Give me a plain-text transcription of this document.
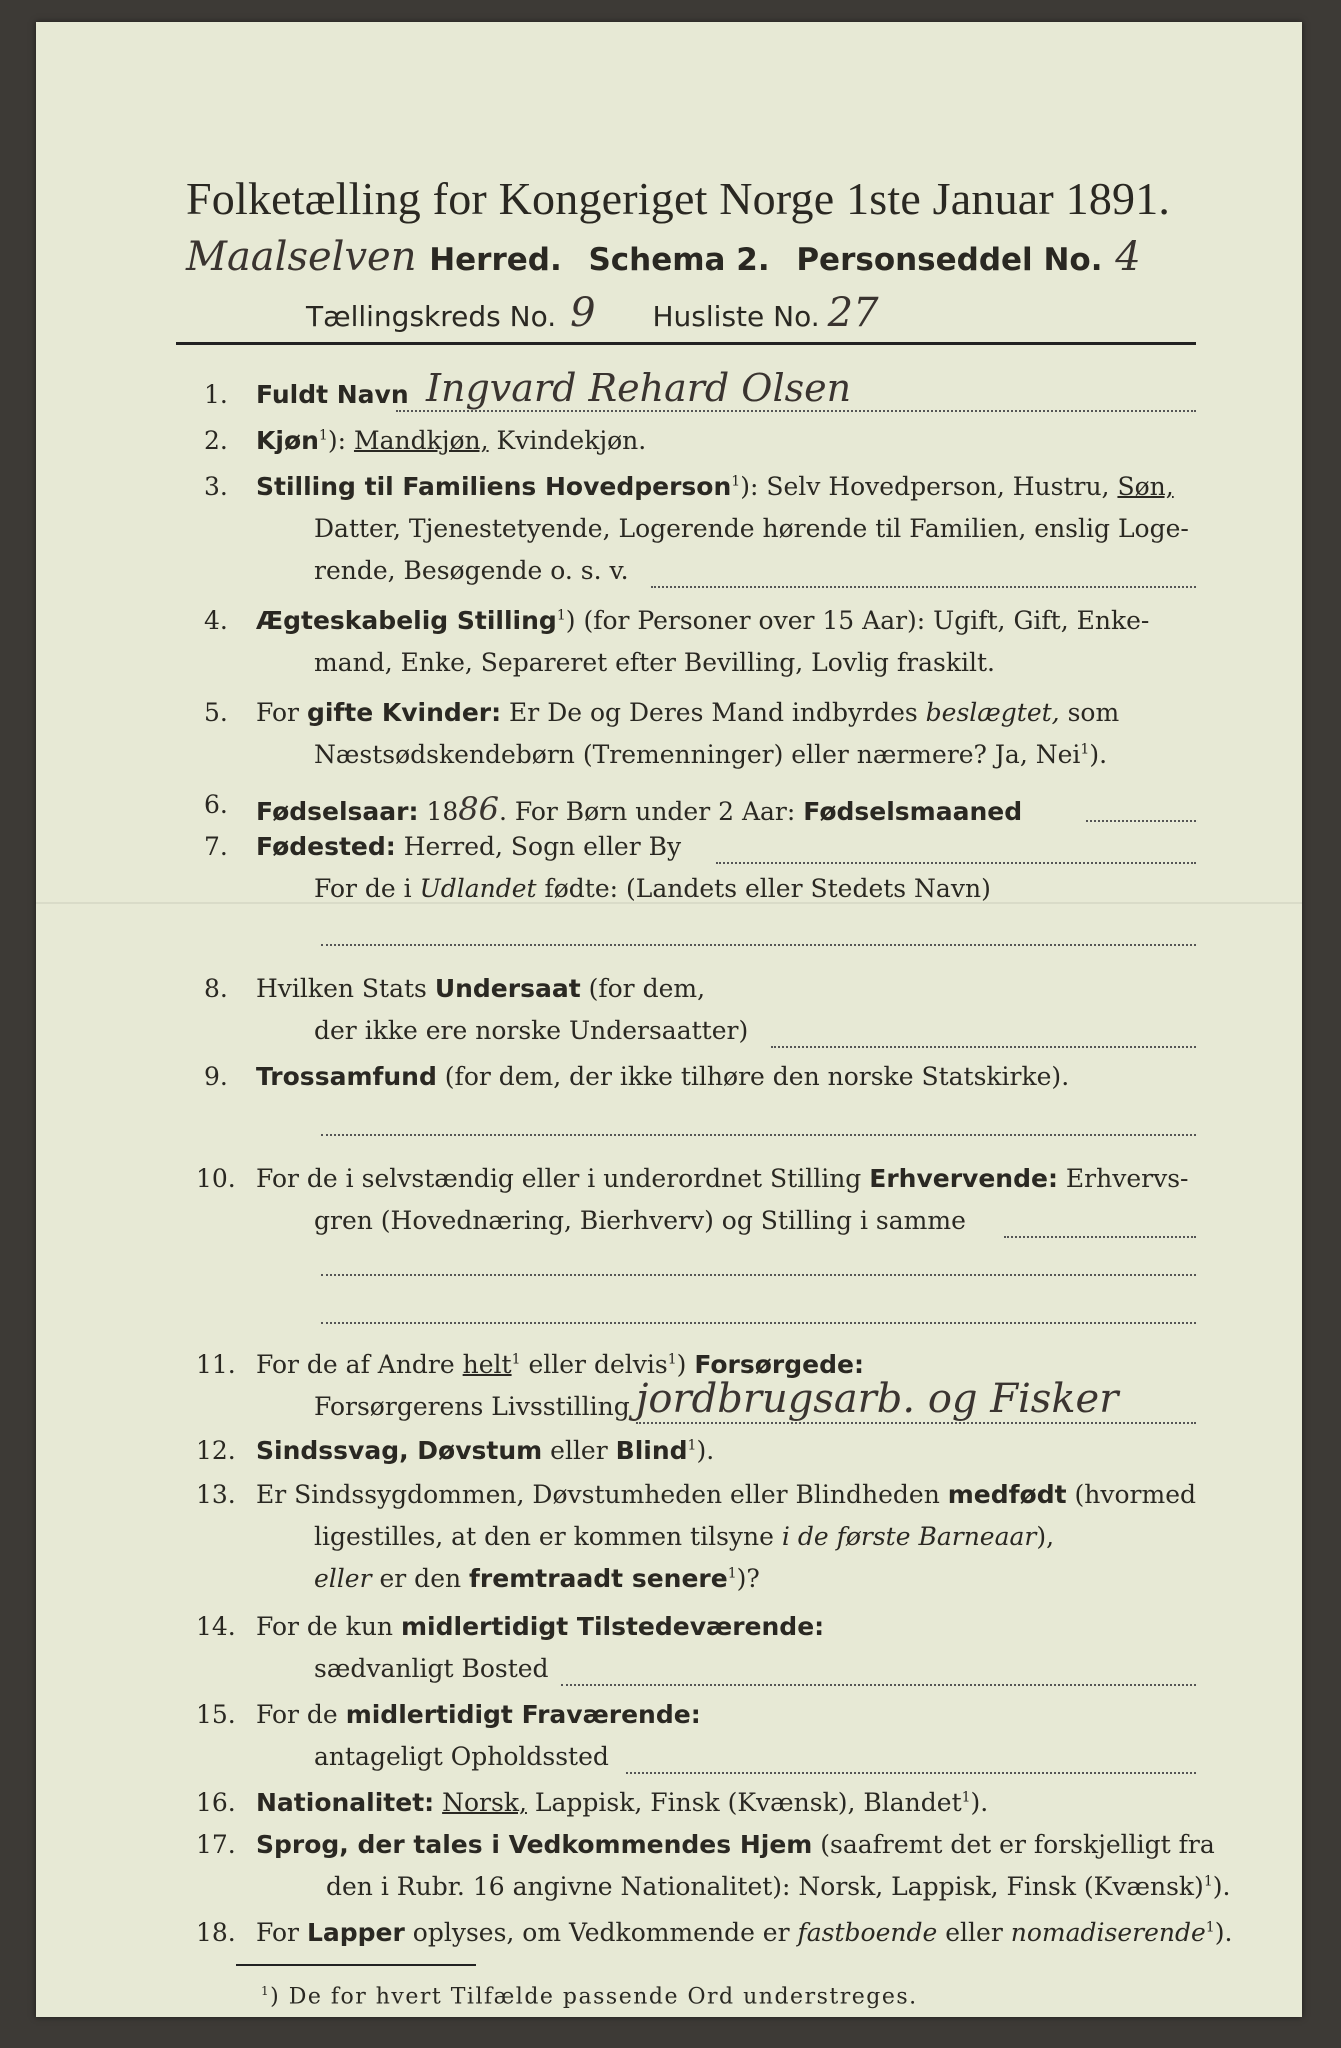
Folketælling for Kongeriget Norge 1ste Januar 1891.
Maalselven Herred. Schema 2. Personseddel No. 4
Tællingskreds No. 9 Husliste No. 27
1. Fuldt Navn Ingvard Rehard Olsen
2. Kjøn$^1$): Mandkjøn, Kvindekjøn.
3. Stilling til Familiens Hovedperson$^1$): Selv Hovedperson, Hustru, Søn,
Datter, Tjenestetyende, Logerende hørende til Familien, enslig Loge-
rende, Besøgende o. s. v.
4. Ægteskabelig Stilling$^1$) (for Personer over 15 Aar): Ugift, Gift, Enke-
mand, Enke, Separeret efter Bevilling, Lovlig fraskilt.
5. For gifte Kvinder: Er De og Deres Mand indbyrdes beslægtet, som
Næstsødskendebørn (Tremenninger) eller nærmere? Ja, Nei$^1$).
6. Fødselsaar: 1886. For Børn under 2 Aar: Fødselsmaaned
7. Fødested: Herred, Sogn eller By
For de i Udlandet fødte: (Landets eller Stedets Navn)
8. Hvilken Stats Undersaat (for dem,
der ikke ere norske Undersaatter)
9. Trossamfund (for dem, der ikke tilhøre den norske Statskirke).
10. For de i selvstændig eller i underordnet Stilling Erhvervende: Erhvervs-
gren (Hovednæring, Bierhverv) og Stilling i samme
11. For de af Andre helt$^1$ eller delvis$^1$) Forsørgede:
Forsørgerens Livsstilling jordbrugsarb. og Fisker
12. Sindssvag, Døvstum eller Blind$^1$).
13. Er Sindssygdommen, Døvstumheden eller Blindheden medfødt (hvormed
ligestilles, at den er kommen tilsyne i de første Barneaar),
eller er den fremtraadt senere$^1$)?
14. For de kun midlertidigt Tilstedeværende:
sædvanligt Bosted
15. For de midlertidigt Fraværende:
antageligt Opholdssted
16. Nationalitet: Norsk, Lappisk, Finsk (Kvænsk), Blandet$^1$).
17. Sprog, der tales i Vedkommendes Hjem (saafremt det er forskjelligt fra
den i Rubr. 16 angivne Nationalitet): Norsk, Lappisk, Finsk (Kvænsk)$^1$).
18. For Lapper oplyses, om Vedkommende er fastboende eller nomadiserende$^1$).
$^1$) De for hvert Tilfælde passende Ord understreges.
